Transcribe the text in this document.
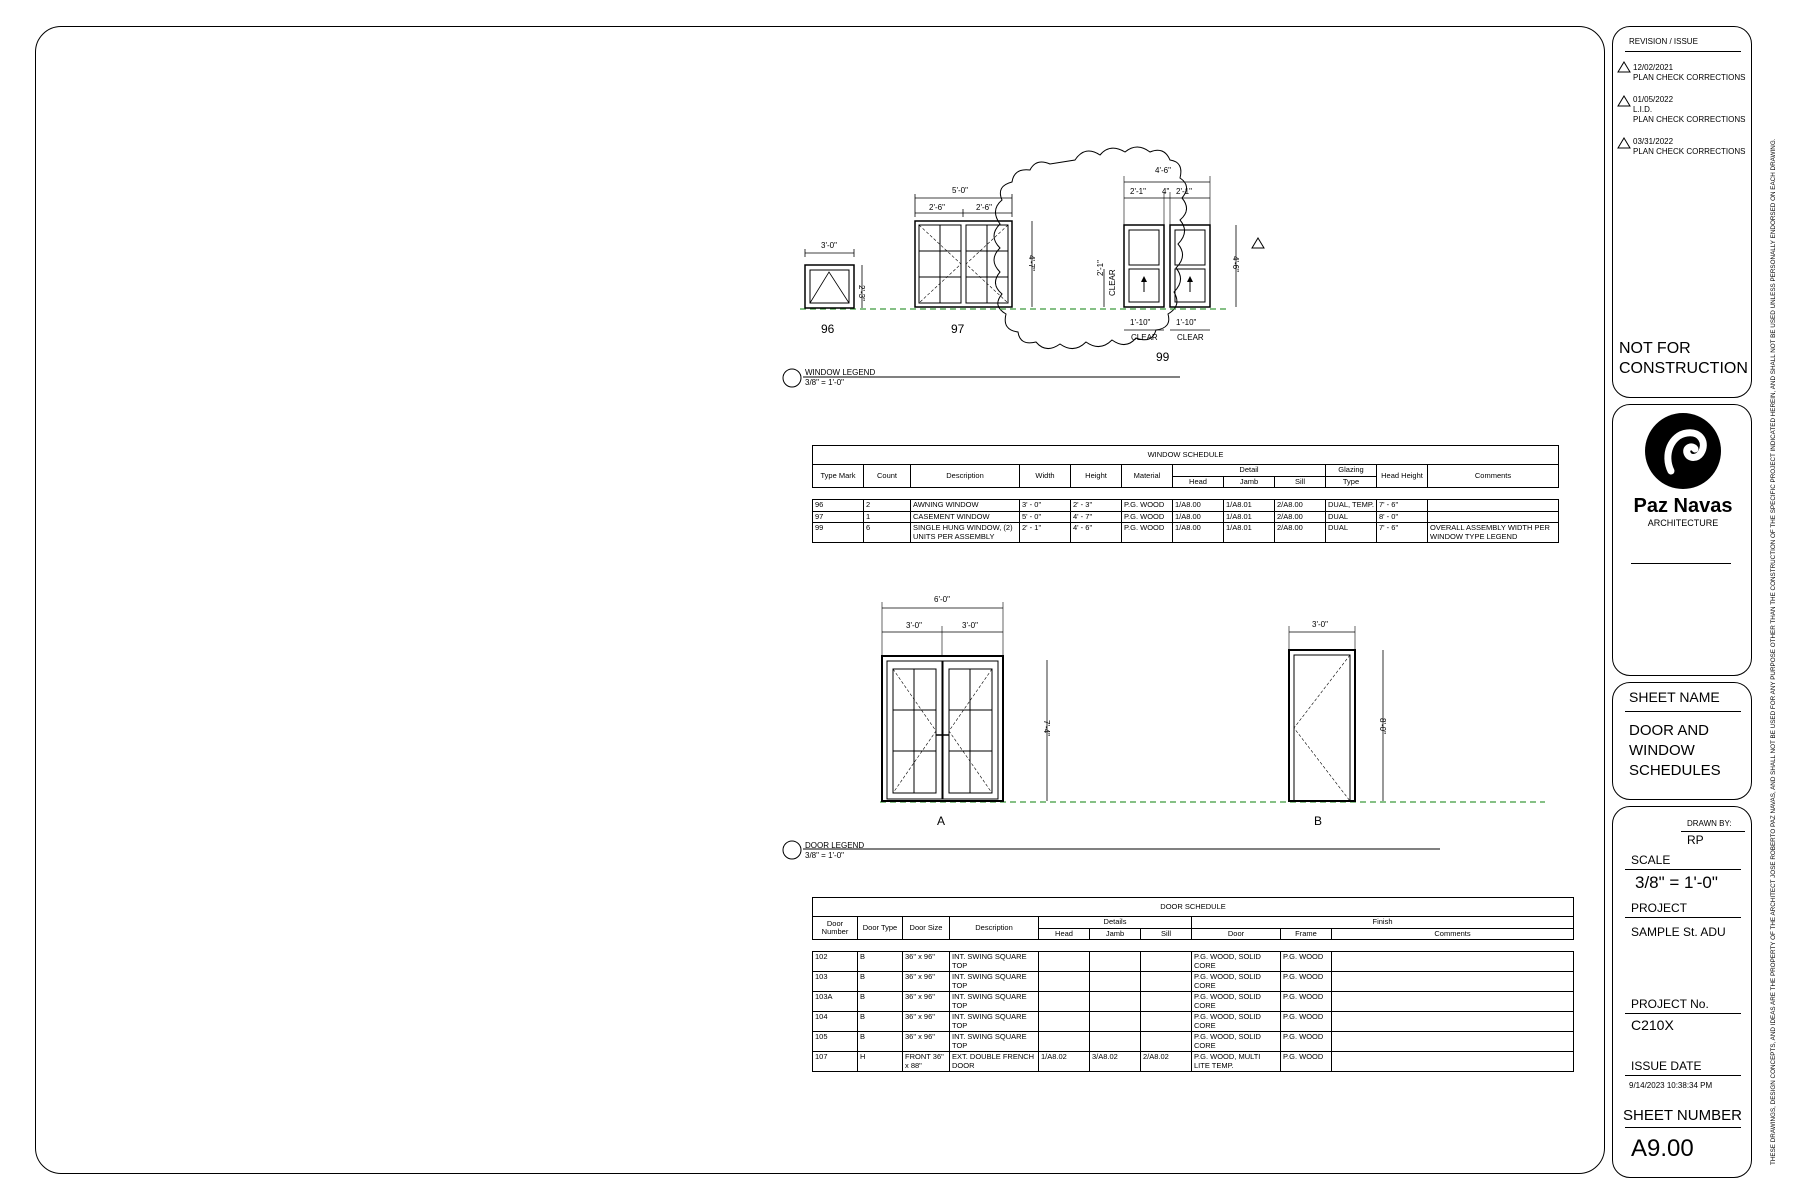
96	97
99
3'-0"
2'-3"
5'-0"
2'-6"	2'-6"
4'-7"
4'-6"
2'-1" 4" 2'-1"
4'-6"
2'-1"
CLEAR
1'-10"	1'-10"
CLEAR CLEAR
WINDOW LEGEND
3/8" = 1'-0"
WINDOW SCHEDULE											
Type Mark	Count	Description	Width	Height	Material	Detail			Glazing	Head Height	Comments
						Head	Jamb	Sill	Type		

96	2	AWNING WINDOW	3' - 0"	2' - 3"	P.G. WOOD	1/A8.00	1/A8.01	2/A8.00	DUAL, TEMP.	7' - 6"	
97	1	CASEMENT WINDOW	5' - 0"	4' - 7"	P.G. WOOD	1/A8.00	1/A8.01	2/A8.00	DUAL	8' - 0"	
99	6	SINGLE HUNG WINDOW, (2) UNITS PER ASSEMBLY	2' - 1"	4' - 6"	P.G. WOOD	1/A8.00	1/A8.01	2/A8.00	DUAL	7' - 6"	OVERALL ASSEMBLY WIDTH PER WINDOW TYPE LEGEND
A	B
6'-0"
3'-0"	3'-0"
7'-4"
3'-0"
8'-0"
DOOR LEGEND
3/8" = 1'-0"
DOOR SCHEDULE									
Door Number	Door Type	Door Size	Description	Details			Finish		
				Head	Jamb	Sill	Door	Frame	Comments

102	B	36" x 96"	INT. SWING SQUARE TOP				P.G. WOOD, SOLID CORE	P.G. WOOD	
103	B	36" x 96"	INT. SWING SQUARE TOP				P.G. WOOD, SOLID CORE	P.G. WOOD	
103A	B	36" x 96"	INT. SWING SQUARE TOP				P.G. WOOD, SOLID CORE	P.G. WOOD	
104	B	36" x 96"	INT. SWING SQUARE TOP				P.G. WOOD, SOLID CORE	P.G. WOOD	
105	B	36" x 96"	INT. SWING SQUARE TOP				P.G. WOOD, SOLID CORE	P.G. WOOD	
107	H	FRONT 36" x 88"	EXT. DOUBLE FRENCH DOOR	1/A8.02	3/A8.02	2/A8.02	P.G. WOOD, MULTI LITE TEMP.	P.G. WOOD	
REVISION / ISSUE
12/02/2021
PLAN CHECK CORRECTIONS
01/05/2022
L.I.D.
PLAN CHECK CORRECTIONS
03/31/2022
PLAN CHECK CORRECTIONS
NOT FOR CONSTRUCTION
Paz Navas
ARCHITECTURE
SHEET NAME
DOOR AND
WINDOW
SCHEDULES
DRAWN BY:
RP
SCALE
3/8" = 1'-0"
PROJECT
SAMPLE St. ADU
PROJECT No.
C210X
ISSUE DATE
9/14/2023 10:38:34 PM
SHEET NUMBER
A9.00	THESE DRAWINGS, DESIGN CONCEPTS, AND IDEAS ARE THE PROPERTY OF THE ARCHITECT JOSE ROBERTO PAZ NAVAS, AND SHALL NOT BE USED FOR ANY PURPOSE OTHER THAN THE CONSTRUCTION OF THE SPECIFIC PROJECT INDICATED HEREIN, AND SHALL NOT BE USED UNLESS PERSONALLY ENDORSED ON EACH DRAWING.
